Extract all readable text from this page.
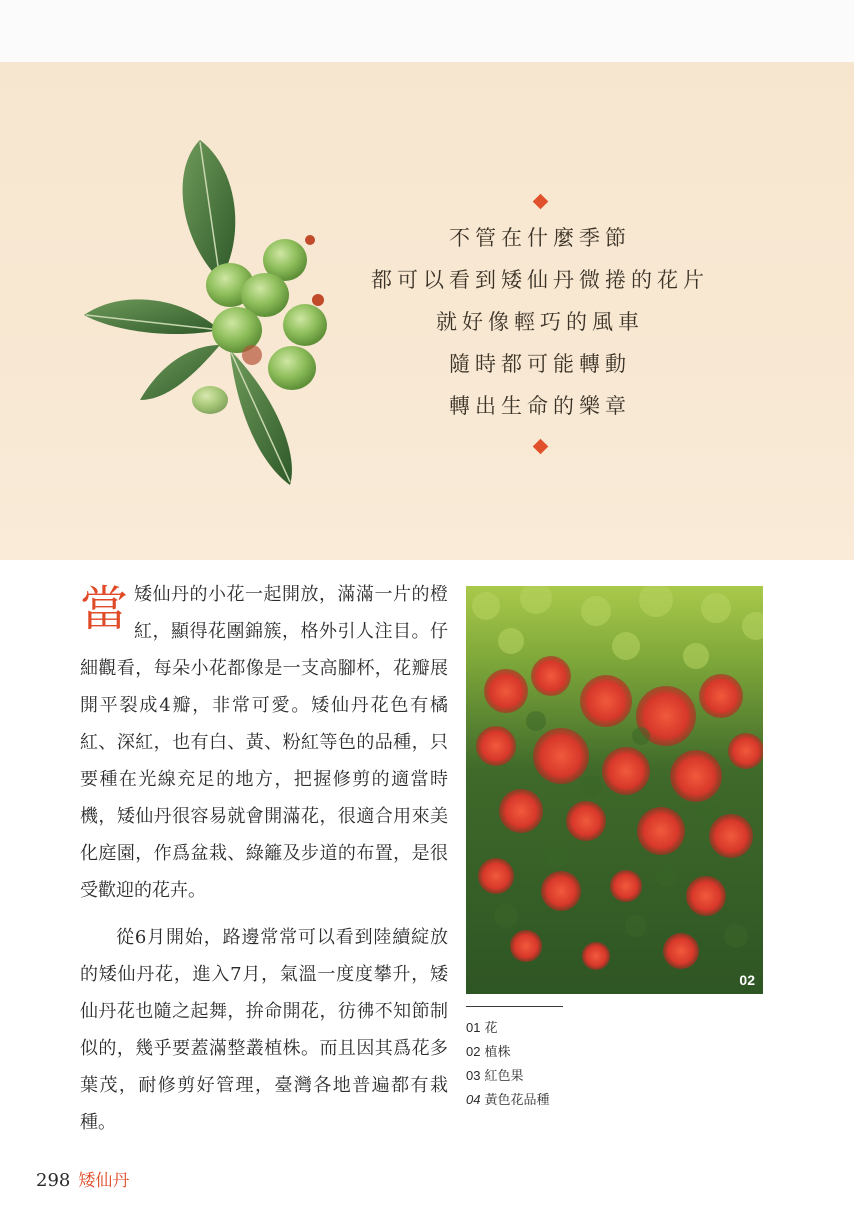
不管在什麼季節
都可以看到矮仙丹微捲的花片
就好像輕巧的風車
隨時都可能轉動
轉出生命的樂章

當矮仙丹的小花一起開放，滿滿一片的橙紅，顯得花團錦簇，格外引人注目。仔細觀看，每朵小花都像是一支高腳杯，花瓣展開平裂成4瓣，非常可愛。矮仙丹花色有橘紅、深紅，也有白、黃、粉紅等色的品種，只要種在光線充足的地方，把握修剪的適當時機，矮仙丹很容易就會開滿花，很適合用來美化庭園，作爲盆栽、綠籬及步道的布置，是很受歡迎的花卉。

從6月開始，路邊常常可以看到陸續綻放的矮仙丹花，進入7月，氣溫一度度攀升，矮仙丹花也隨之起舞，拚命開花，彷彿不知節制似的，幾乎要蓋滿整叢植株。而且因其爲花多葉茂，耐修剪好管理，臺灣各地普遍都有栽種。

02
01 花
02 植株
03 紅色果
04 黃色花品種
298 矮仙丹
